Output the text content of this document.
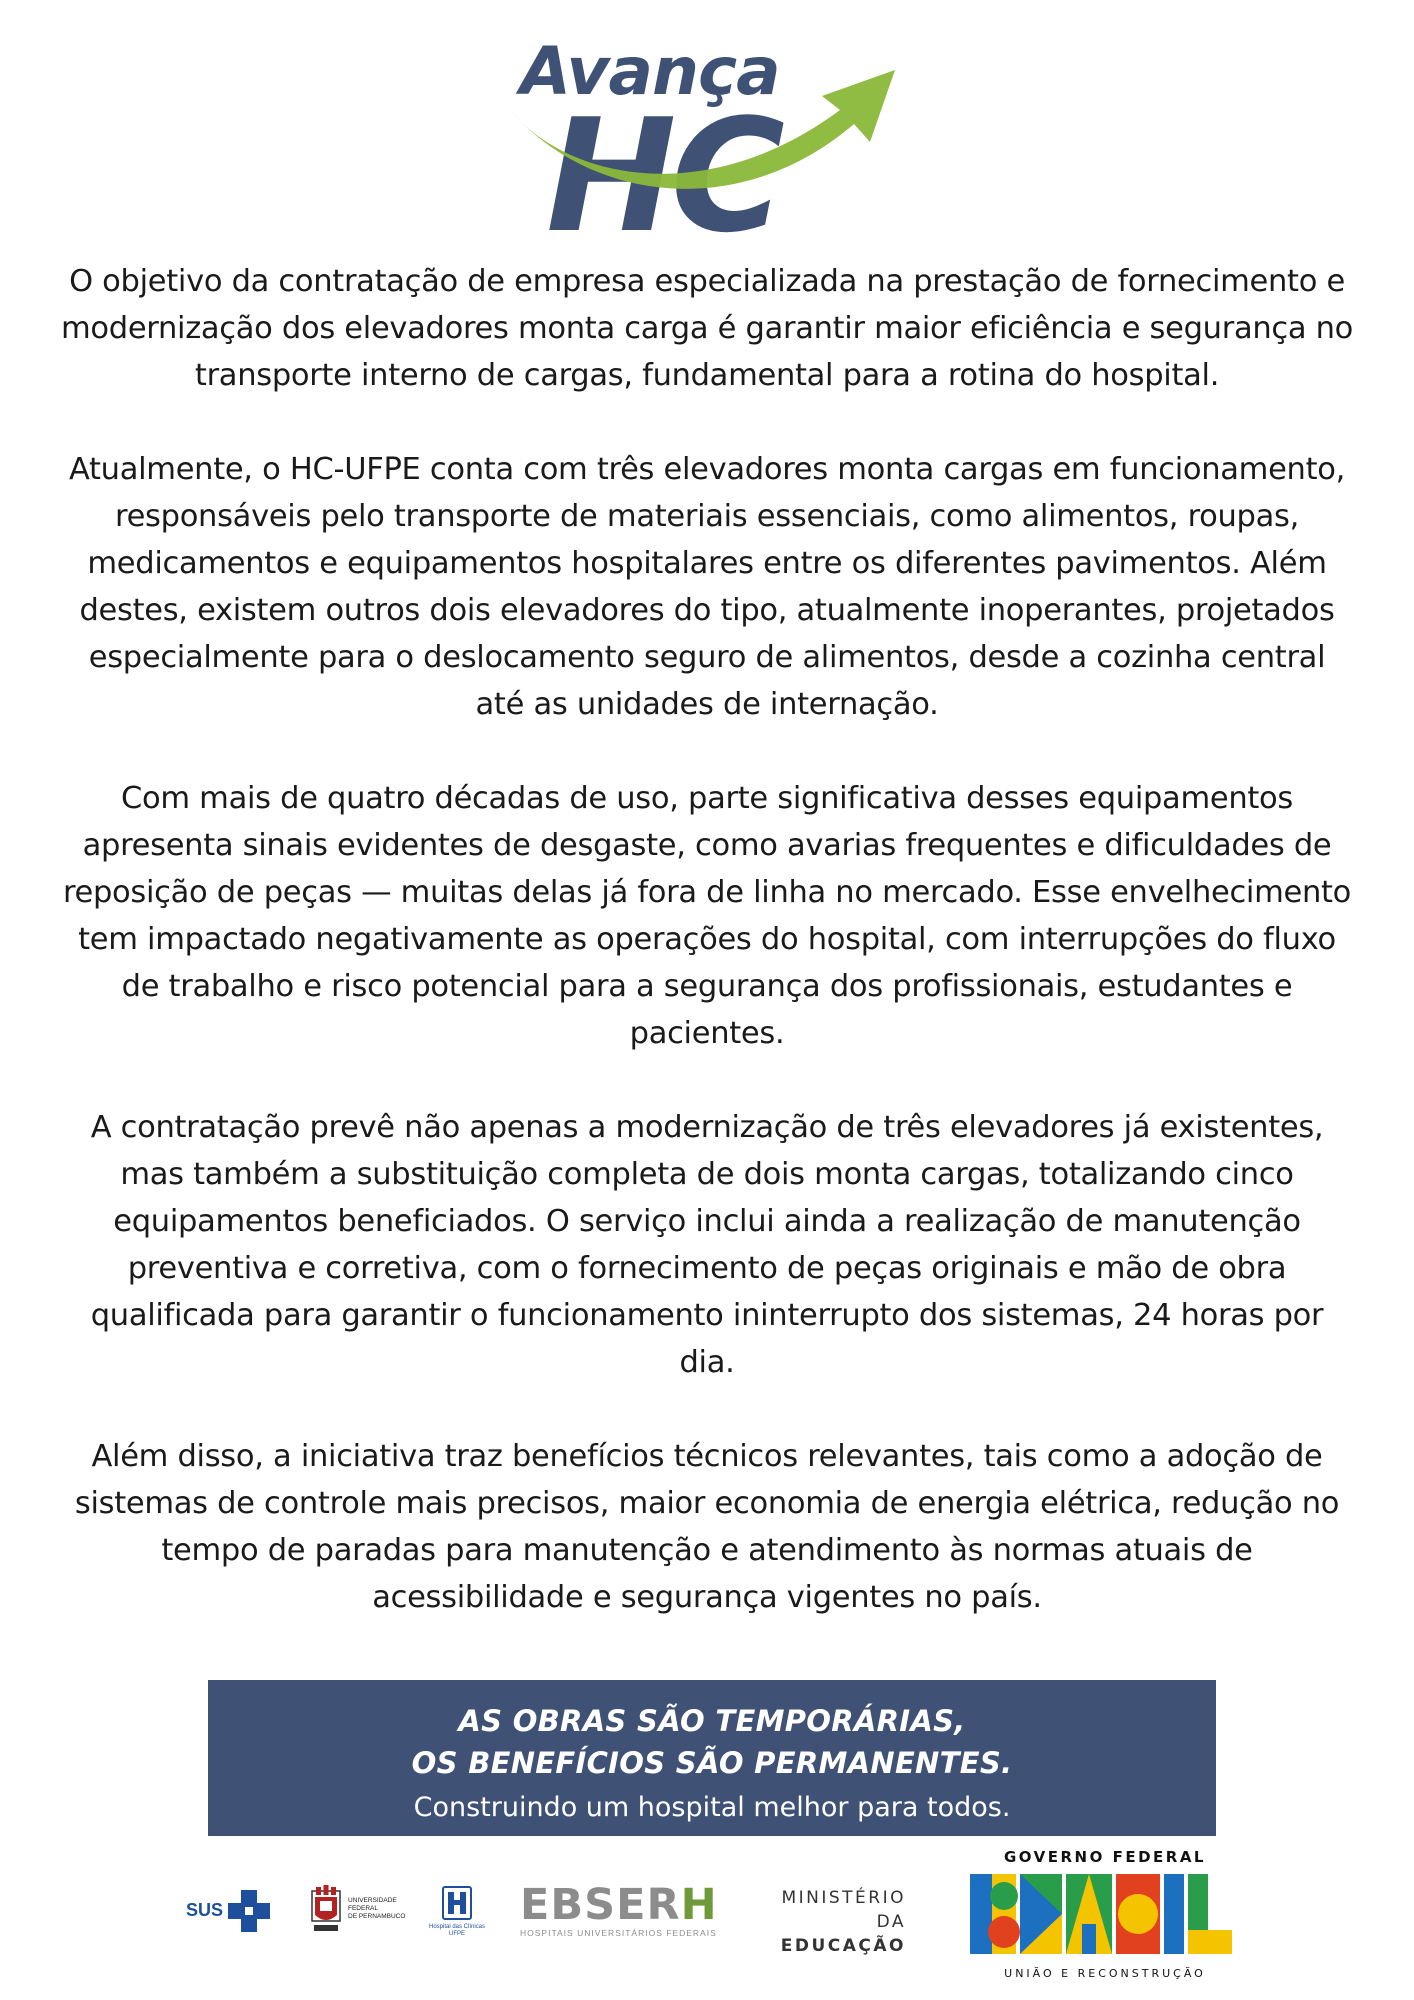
Avança
HC

O objetivo da contratação de empresa especializada na prestação de fornecimento e modernização dos elevadores monta carga é garantir maior eficiência e segurança no transporte interno de cargas, fundamental para a rotina do hospital.

Atualmente, o HC-UFPE conta com três elevadores monta cargas em funcionamento, responsáveis pelo transporte de materiais essenciais, como alimentos, roupas, medicamentos e equipamentos hospitalares entre os diferentes pavimentos. Além destes, existem outros dois elevadores do tipo, atualmente inoperantes, projetados especialmente para o deslocamento seguro de alimentos, desde a cozinha central até as unidades de internação.

Com mais de quatro décadas de uso, parte significativa desses equipamentos apresenta sinais evidentes de desgaste, como avarias frequentes e dificuldades de reposição de peças — muitas delas já fora de linha no mercado. Esse envelhecimento tem impactado negativamente as operações do hospital, com interrupções do fluxo de trabalho e risco potencial para a segurança dos profissionais, estudantes e pacientes.

A contratação prevê não apenas a modernização de três elevadores já existentes, mas também a substituição completa de dois monta cargas, totalizando cinco equipamentos beneficiados. O serviço inclui ainda a realização de manutenção preventiva e corretiva, com o fornecimento de peças originais e mão de obra qualificada para garantir o funcionamento ininterrupto dos sistemas, 24 horas por dia.

Além disso, a iniciativa traz benefícios técnicos relevantes, tais como a adoção de sistemas de controle mais precisos, maior economia de energia elétrica, redução no tempo de paradas para manutenção e atendimento às normas atuais de acessibilidade e segurança vigentes no país.

AS OBRAS SÃO TEMPORÁRIAS,
OS BENEFÍCIOS SÃO PERMANENTES.
Construindo um hospital melhor para todos.
SUS	UNIVERSIDADE
FEDERAL
DE PERNAMBUCO
Hospital das Clínicas
UFPE
EBSERH
HOSPITAIS UNIVERSITÁRIOS FEDERAIS
MINISTÉRIO DA
EDUCAÇÃO
GOVERNO FEDERAL
UNIÃO E RECONSTRUÇÃO
